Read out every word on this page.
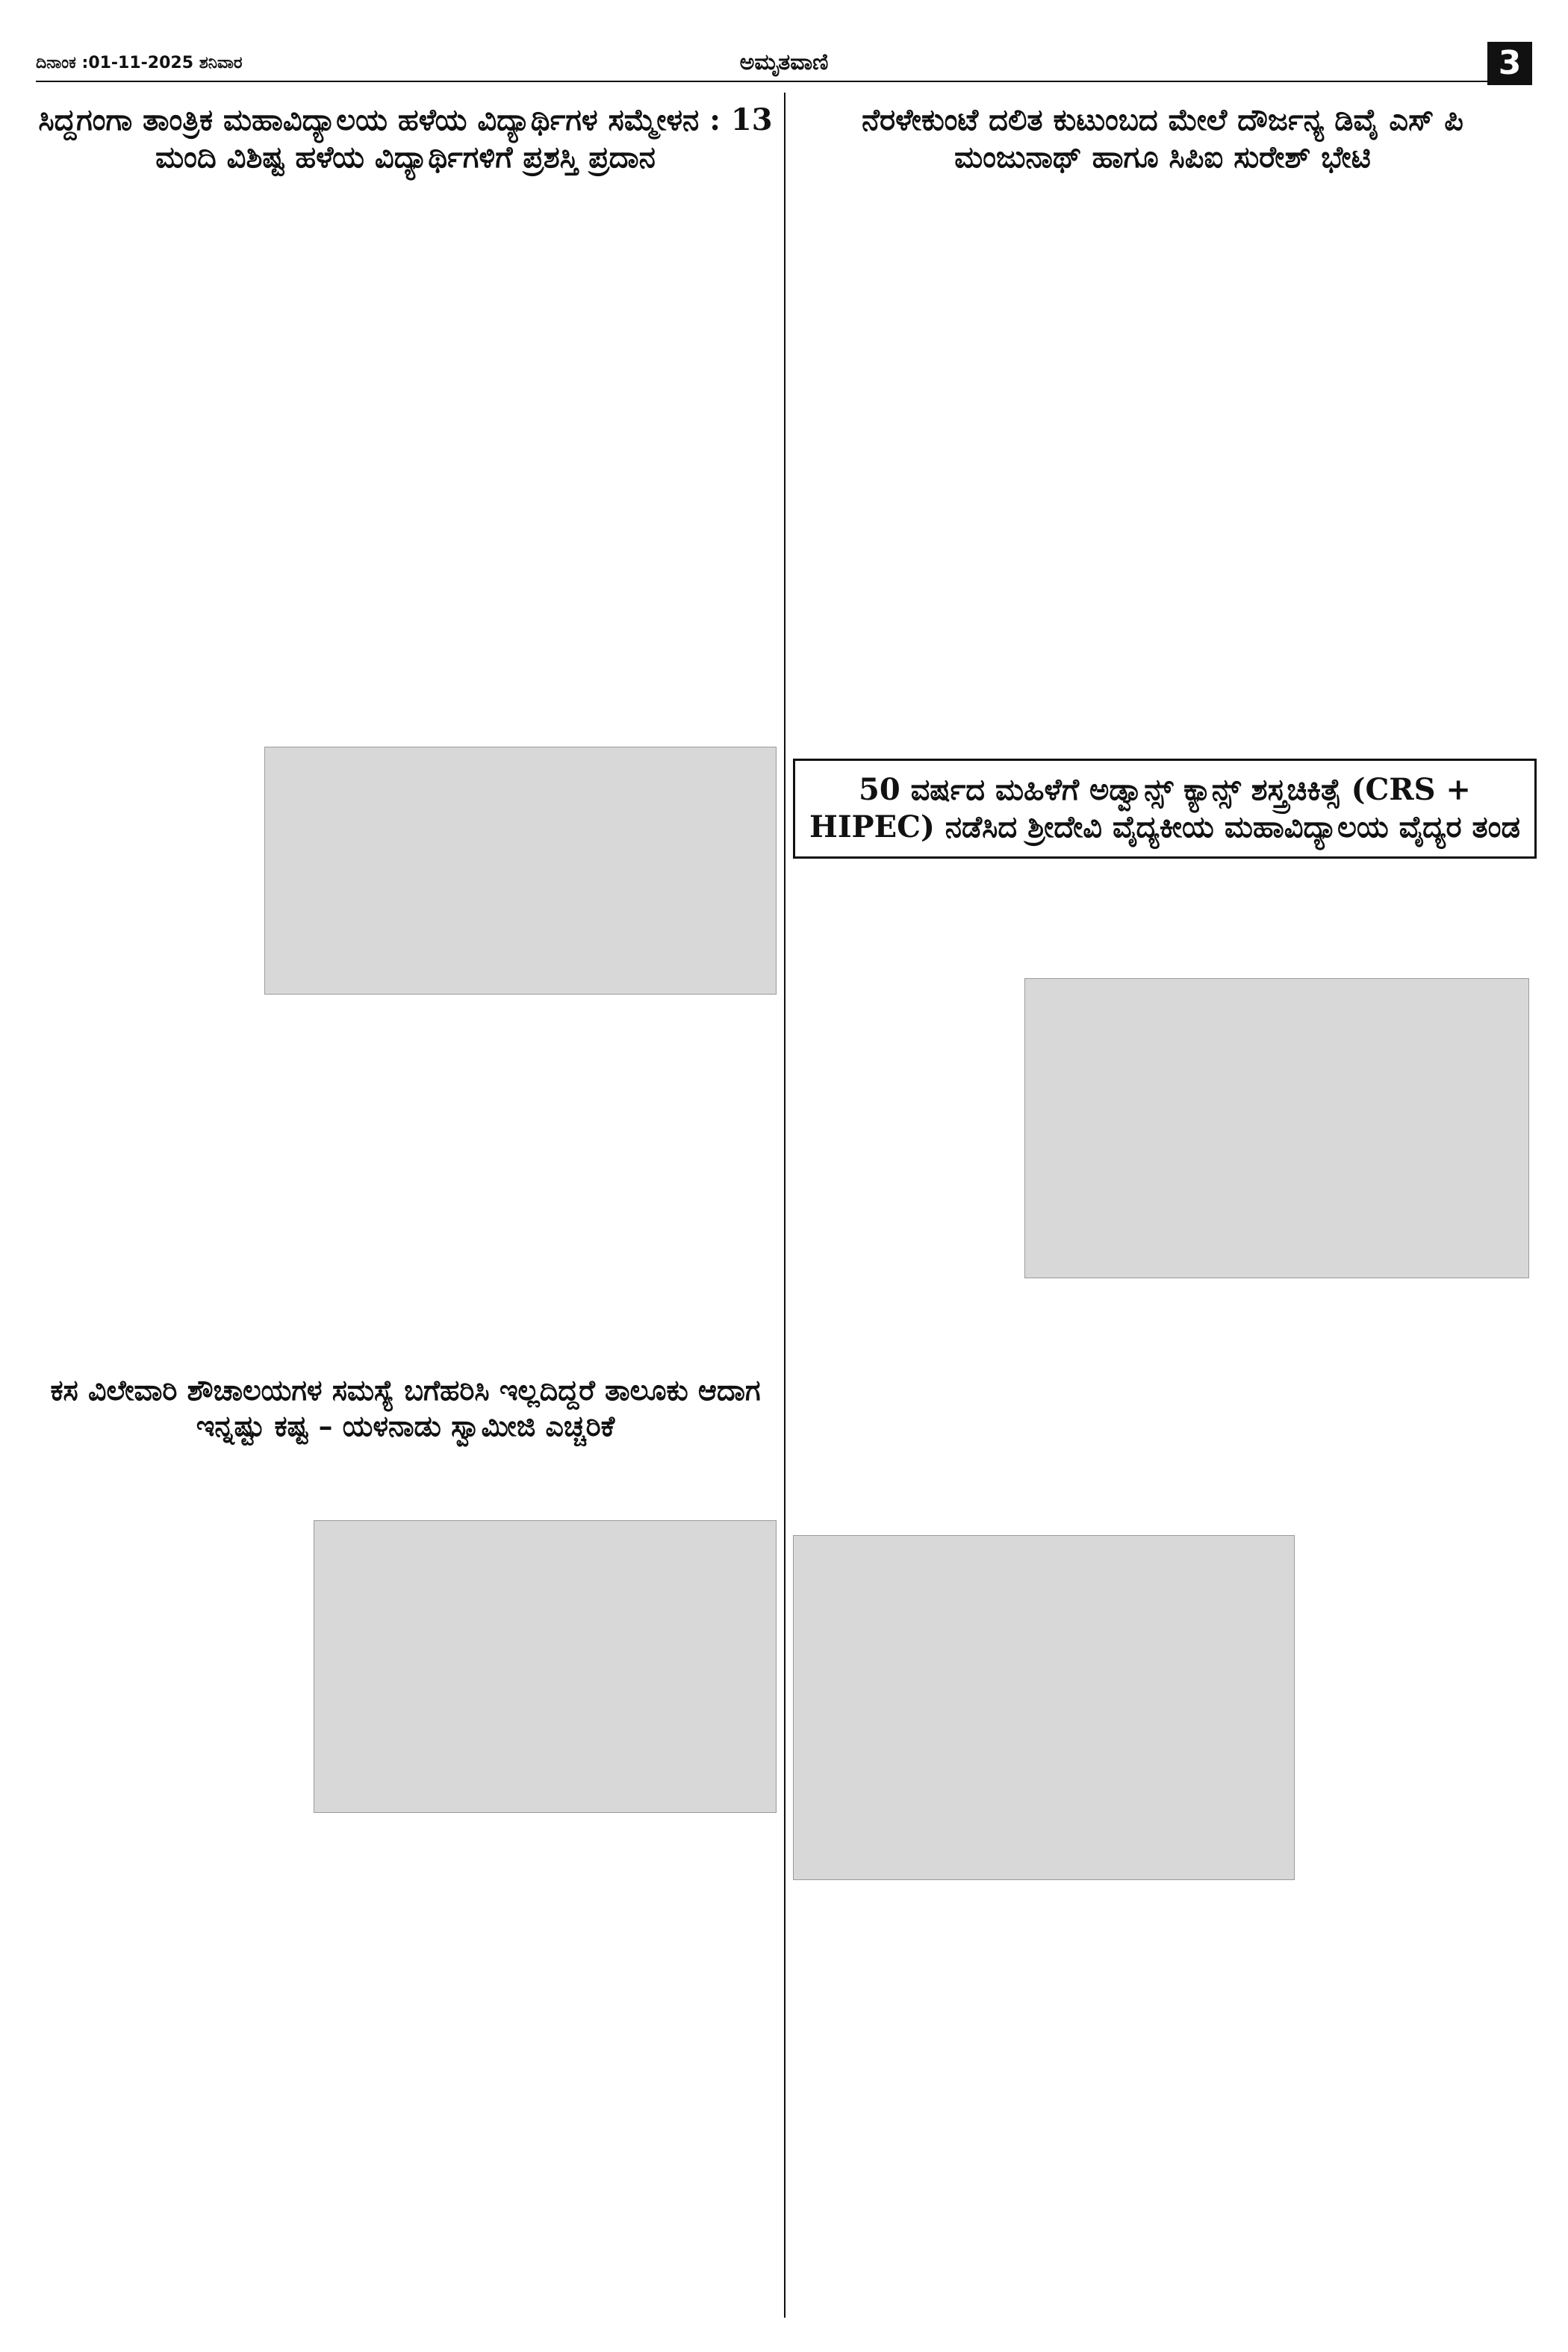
ದಿನಾಂಕ :01-11-2025 ಶನಿವಾರ	ಅಮೃತವಾಣಿ	3
ಸಿದ್ದಗಂಗಾ ತಾಂತ್ರಿಕ ಮಹಾವಿದ್ಯಾಲಯ ಹಳೆಯ ವಿದ್ಯಾರ್ಥಿಗಳ ಸಮ್ಮೇಳನ : 13 ಮಂದಿ ವಿಶಿಷ್ಟ ಹಳೆಯ ವಿದ್ಯಾರ್ಥಿಗಳಿಗೆ ಪ್ರಶಸ್ತಿ ಪ್ರದಾನ
ನೆರಳೇಕುಂಟೆ ದಲಿತ ಕುಟುಂಬದ ಮೇಲೆ ದೌರ್ಜನ್ಯ ಡಿವೈ ಎಸ್ ಪಿ ಮಂಜುನಾಥ್ ಹಾಗೂ ಸಿಪಿಐ ಸುರೇಶ್ ಭೇಟಿ
50 ವರ್ಷದ ಮಹಿಳೆಗೆ ಅಡ್ವಾನ್ಸ್ ಕ್ಯಾನ್ಸ್ ಶಸ್ತ್ರಚಿಕಿತ್ಸೆ (CRS + HIPEC) ನಡೆಸಿದ ಶ್ರೀದೇವಿ ವೈದ್ಯಕೀಯ ಮಹಾವಿದ್ಯಾಲಯ ವೈದ್ಯರ ತಂಡ
ಕಸ ವಿಲೇವಾರಿ ಶೌಚಾಲಯಗಳ ಸಮಸ್ಯೆ ಬಗೆಹರಿಸಿ ಇಲ್ಲದಿದ್ದರೆ ತಾಲೂಕು ಆದಾಗ ಇನ್ನಷ್ಟು ಕಷ್ಟ – ಯಳನಾಡು ಸ್ವಾಮೀಜಿ ಎಚ್ಚರಿಕೆ
